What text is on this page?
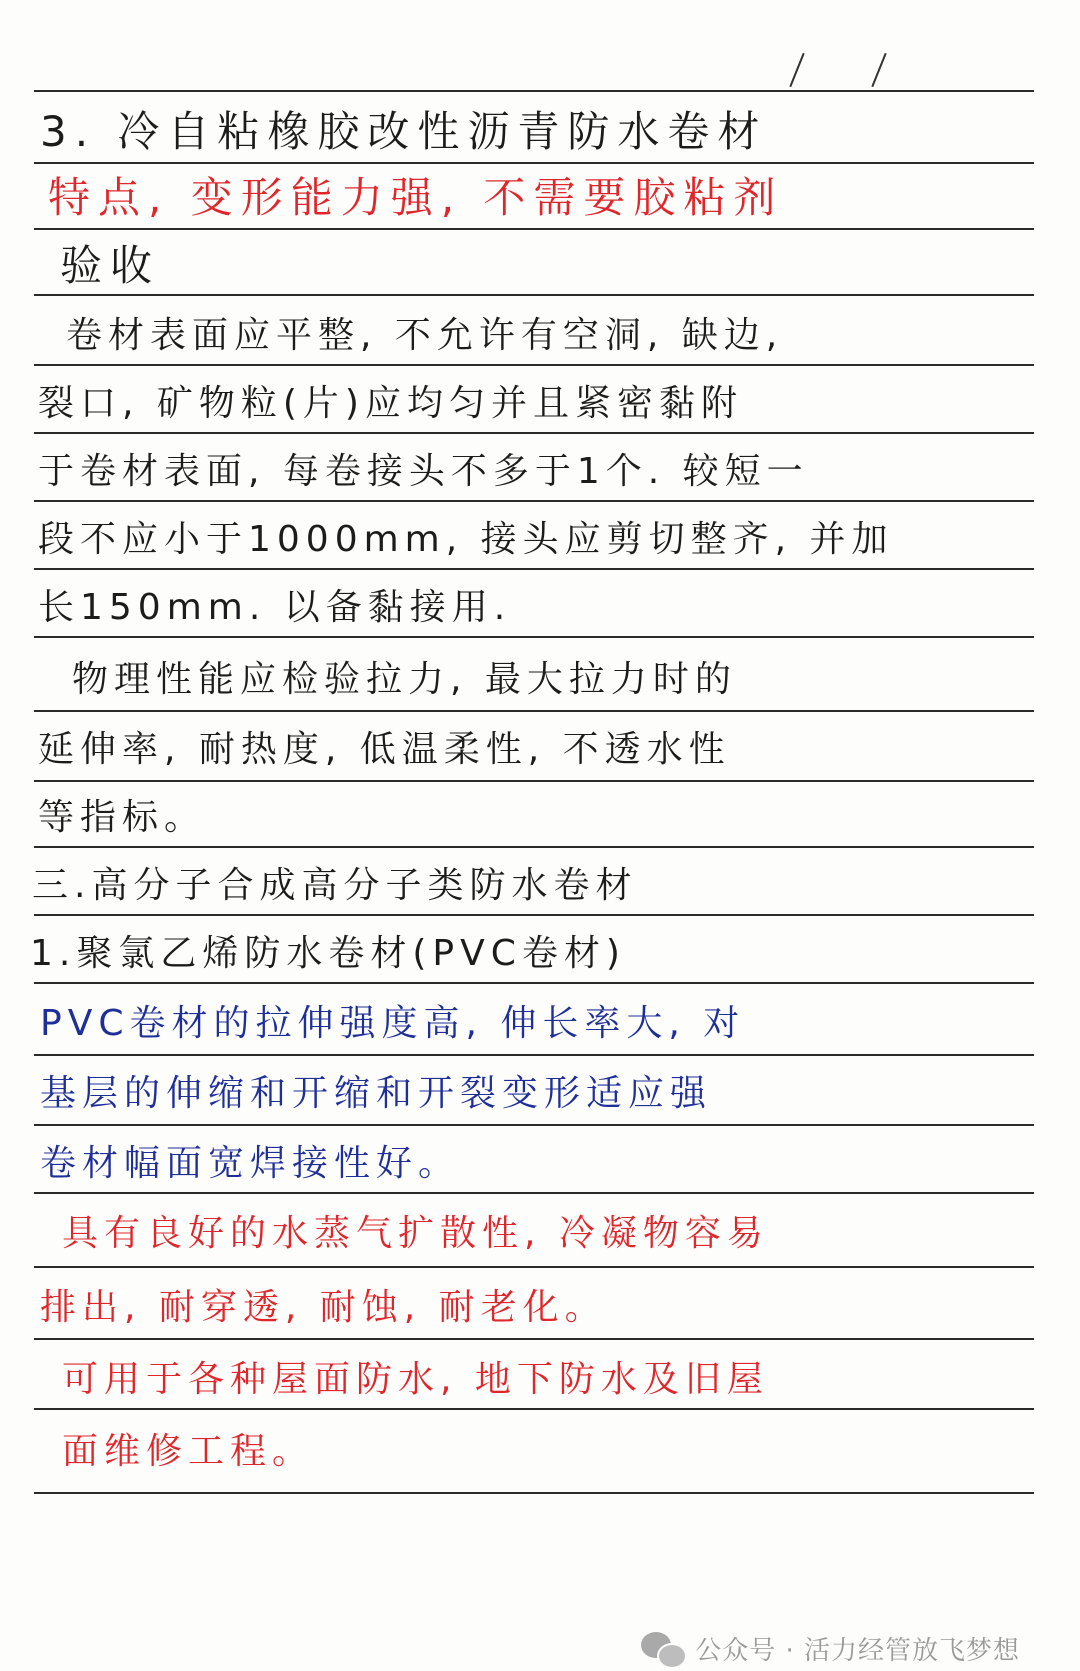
3. 冷自粘橡胶改性沥青防水卷材

特点, 变形能力强, 不需要胶粘剂

验收

卷材表面应平整, 不允许有空洞, 缺边,

裂口, 矿物粒(片)应均匀并且紧密黏附

于卷材表面, 每卷接头不多于1个. 较短一

段不应小于1000mm, 接头应剪切整齐, 并加

长150mm. 以备黏接用.

物理性能应检验拉力, 最大拉力时的

延伸率, 耐热度, 低温柔性, 不透水性

等指标。

三.高分子合成高分子类防水卷材

1.聚氯乙烯防水卷材(PVC卷材)

PVC卷材的拉伸强度高, 伸长率大, 对

基层的伸缩和开缩和开裂变形适应强

卷材幅面宽焊接性好。

具有良好的水蒸气扩散性, 冷凝物容易

排出, 耐穿透, 耐蚀, 耐老化。

可用于各种屋面防水, 地下防水及旧屋

面维修工程。

公众号 · 活力经管放飞梦想
